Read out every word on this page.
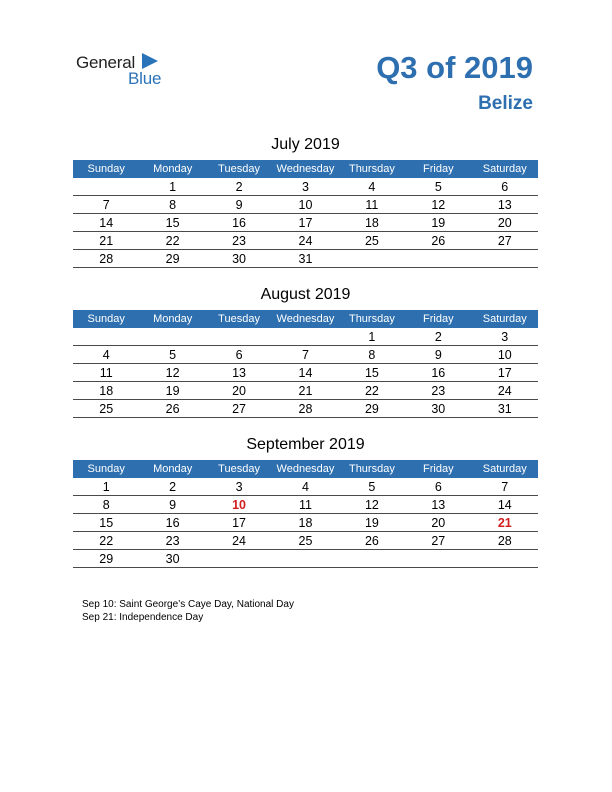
General
Blue	Q3 of 2019
Belize
July 2019
Sunday	Monday	Tuesday	Wednesday	Thursday	Friday	Saturday
	1	2	3	4	5	6
7	8	9	10	11	12	13
14	15	16	17	18	19	20
21	22	23	24	25	26	27
28	29	30	31			
August 2019
Sunday	Monday	Tuesday	Wednesday	Thursday	Friday	Saturday
				1	2	3
4	5	6	7	8	9	10
11	12	13	14	15	16	17
18	19	20	21	22	23	24
25	26	27	28	29	30	31
September 2019
Sunday	Monday	Tuesday	Wednesday	Thursday	Friday	Saturday
1	2	3	4	5	6	7
8	9	10	11	12	13	14
15	16	17	18	19	20	21
22	23	24	25	26	27	28
29	30					
Sep 10: Saint George’s Caye Day, National Day
Sep 21: Independence Day
